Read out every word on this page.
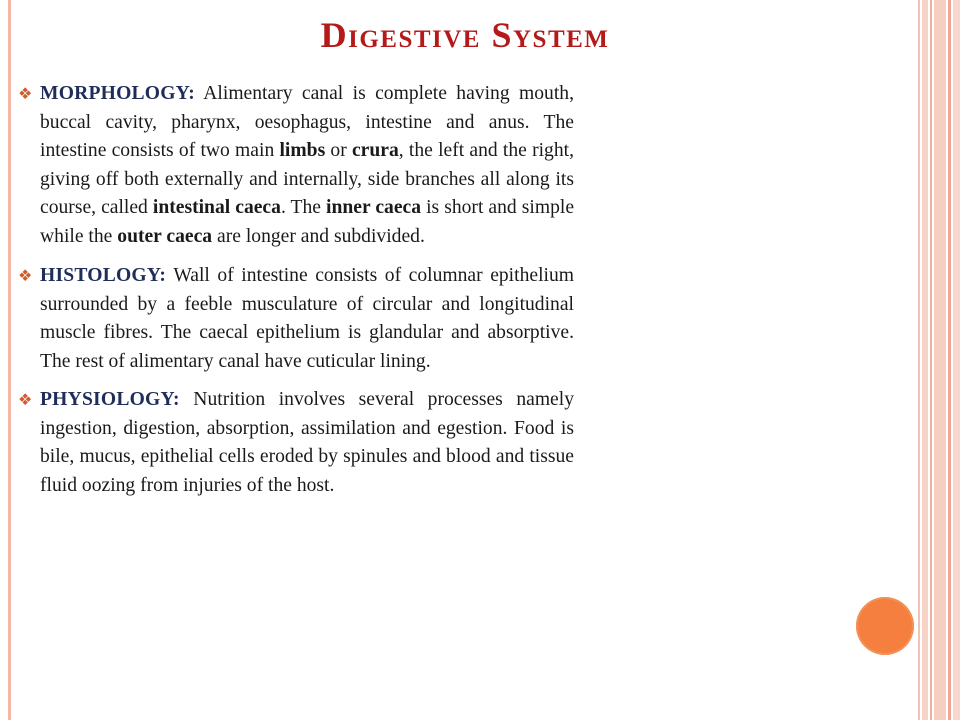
Digestive System
❖ MORPHOLOGY: Alimentary canal is complete having mouth, buccal cavity, pharynx, oesophagus, intestine and anus. The intestine consists of two main limbs or crura, the left and the right, giving off both externally and internally, side branches all along its course, called intestinal caeca. The inner caeca is short and simple while the outer caeca are longer and subdivided.
❖ HISTOLOGY: Wall of intestine consists of columnar epithelium surrounded by a feeble musculature of circular and longitudinal muscle fibres. The caecal epithelium is glandular and absorptive. The rest of alimentary canal have cuticular lining.
❖ PHYSIOLOGY: Nutrition involves several processes namely ingestion, digestion, absorption, assimilation and egestion. Food is bile, mucus, epithelial cells eroded by spinules and blood and tissue fluid oozing from injuries of the host.
